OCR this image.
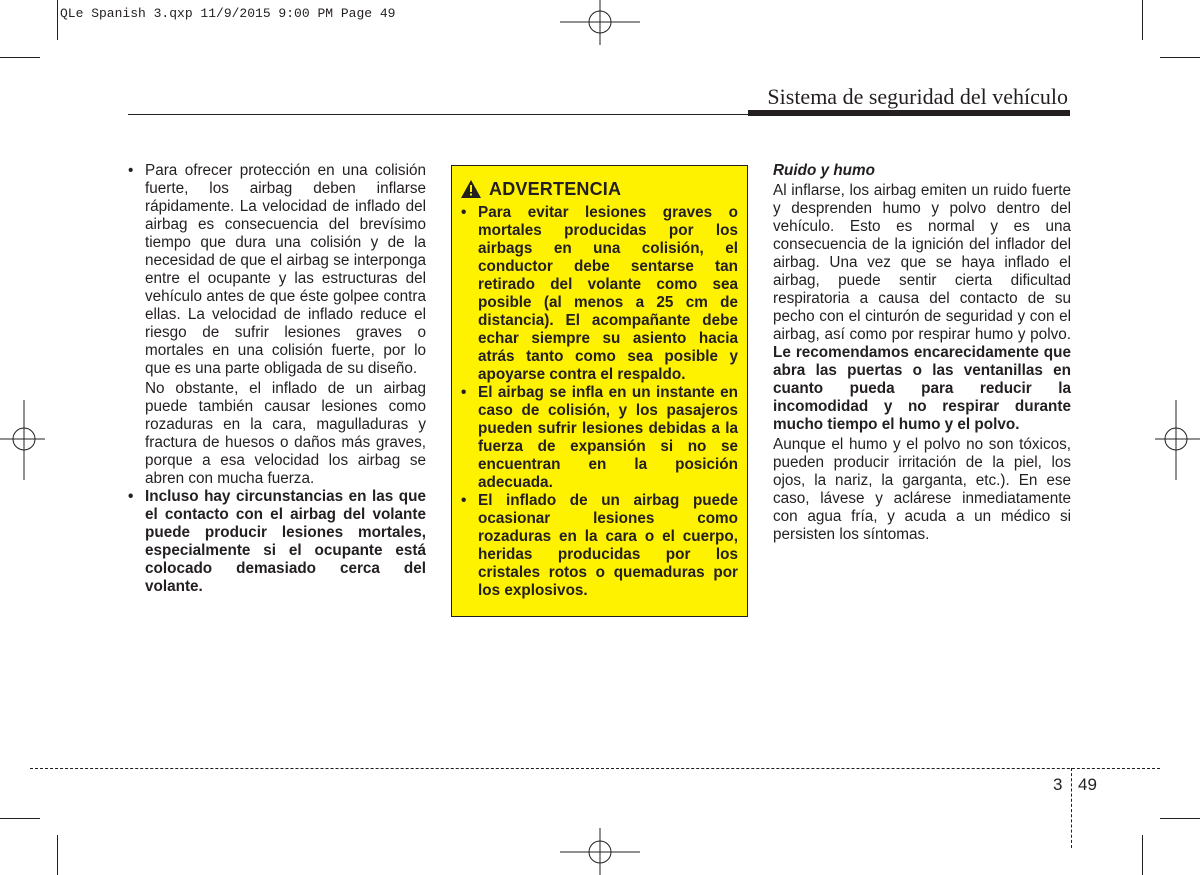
QLe Spanish 3.qxp 11/9/2015 9:00 PM Page 49
Sistema de seguridad del vehículo

• Para ofrecer protección en una colisión fuerte, los airbag deben inflarse rápidamente. La velocidad de inflado del airbag es consecuencia del brevísimo tiempo que dura una colisión y de la necesidad de que el airbag se interponga entre el ocupante y las estructuras del vehículo antes de que éste golpee contra ellas. La velocidad de inflado reduce el riesgo de sufrir lesiones graves o mortales en una colisión fuerte, por lo que es una parte obligada de su diseño.

No obstante, el inflado de un airbag puede también causar lesiones como rozaduras en la cara, magulladuras y fractura de huesos o daños más graves, porque a esa velocidad los airbag se abren con mucha fuerza.

• Incluso hay circunstancias en las que el contacto con el airbag del volante puede producir lesiones mortales, especialmente si el ocupante está colocado demasiado cerca del volante.

ADVERTENCIA

• Para evitar lesiones graves o mortales producidas por los airbags en una colisión, el conductor debe sentarse tan retirado del volante como sea posible (al menos a 25 cm de distancia). El acompañante debe echar siempre su asiento hacia atrás tanto como sea posible y apoyarse contra el respaldo.

• El airbag se infla en un instante en caso de colisión, y los pasajeros pueden sufrir lesiones debidas a la fuerza de expansión si no se encuentran en la posición adecuada.

• El inflado de un airbag puede ocasionar lesiones como rozaduras en la cara o el cuerpo, heridas producidas por los cristales rotos o quemaduras por los explosivos.

Ruido y humo

Al inflarse, los airbag emiten un ruido fuerte y desprenden humo y polvo dentro del vehículo. Esto es normal y es una consecuencia de la ignición del inflador del airbag. Una vez que se haya inflado el airbag, puede sentir cierta dificultad respiratoria a causa del contacto de su pecho con el cinturón de seguridad y con el airbag, así como por respirar humo y polvo. Le recomendamos encarecidamente que abra las puertas o las ventanillas en cuanto pueda para reducir la incomodidad y no respirar durante mucho tiempo el humo y el polvo.

Aunque el humo y el polvo no son tóxicos, pueden producir irritación de la piel, los ojos, la nariz, la garganta, etc.). En ese caso, lávese y aclárese inmediatamente con agua fría, y acuda a un médico si persisten los síntomas.

3 49
